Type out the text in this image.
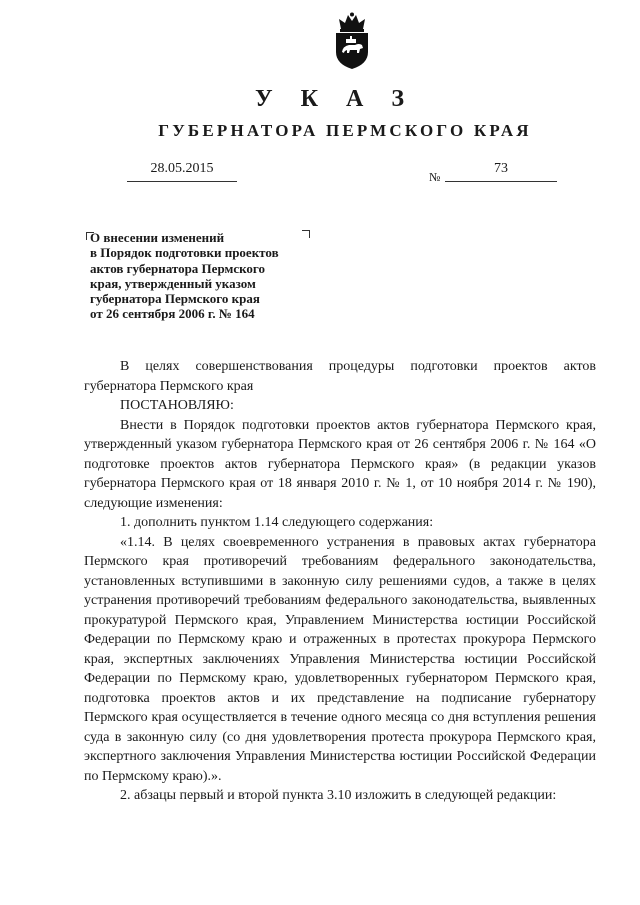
У К А З
ГУБЕРНАТОРА ПЕРМСКОГО КРАЯ
28.05.2015
№
73
О внесении изменений
в Порядок подготовки проектов
актов губернатора Пермского
края, утвержденный указом
губернатора Пермского края
от 26 сентября 2006 г. № 164

В целях совершенствования процедуры подготовки проектов актов губернатора Пермского края

ПОСТАНОВЛЯЮ:

Внести в Порядок подготовки проектов актов губернатора Пермского края, утвержденный указом губернатора Пермского края от 26 сентября 2006 г. № 164 «О подготовке проектов актов губернатора Пермского края» (в редакции указов губернатора Пермского края от 18 января 2010 г. № 1, от 10 ноября 2014 г. № 190), следующие изменения:

1. дополнить пунктом 1.14 следующего содержания:

«1.14. В целях своевременного устранения в правовых актах губернатора Пермского края противоречий требованиям федерального законодательства, установленных вступившими в законную силу решениями судов, а также в целях устранения противоречий требованиям федерального законодательства, выявленных прокуратурой Пермского края, Управлением Министерства юстиции Российской Федерации по Пермскому краю и отраженных в протестах прокурора Пермского края, экспертных заключениях Управления Министерства юстиции Российской Федерации по Пермскому краю, удовлетворенных губернатором Пермского края, подготовка проектов актов и их представление на подписание губернатору Пермского края осуществляется в течение одного месяца со дня вступления решения суда в законную силу (со дня удовлетворения протеста прокурора Пермского края, экспертного заключения Управления Министерства юстиции Российской Федерации по Пермскому краю).».

2. абзацы первый и второй пункта 3.10 изложить в следующей редакции:
